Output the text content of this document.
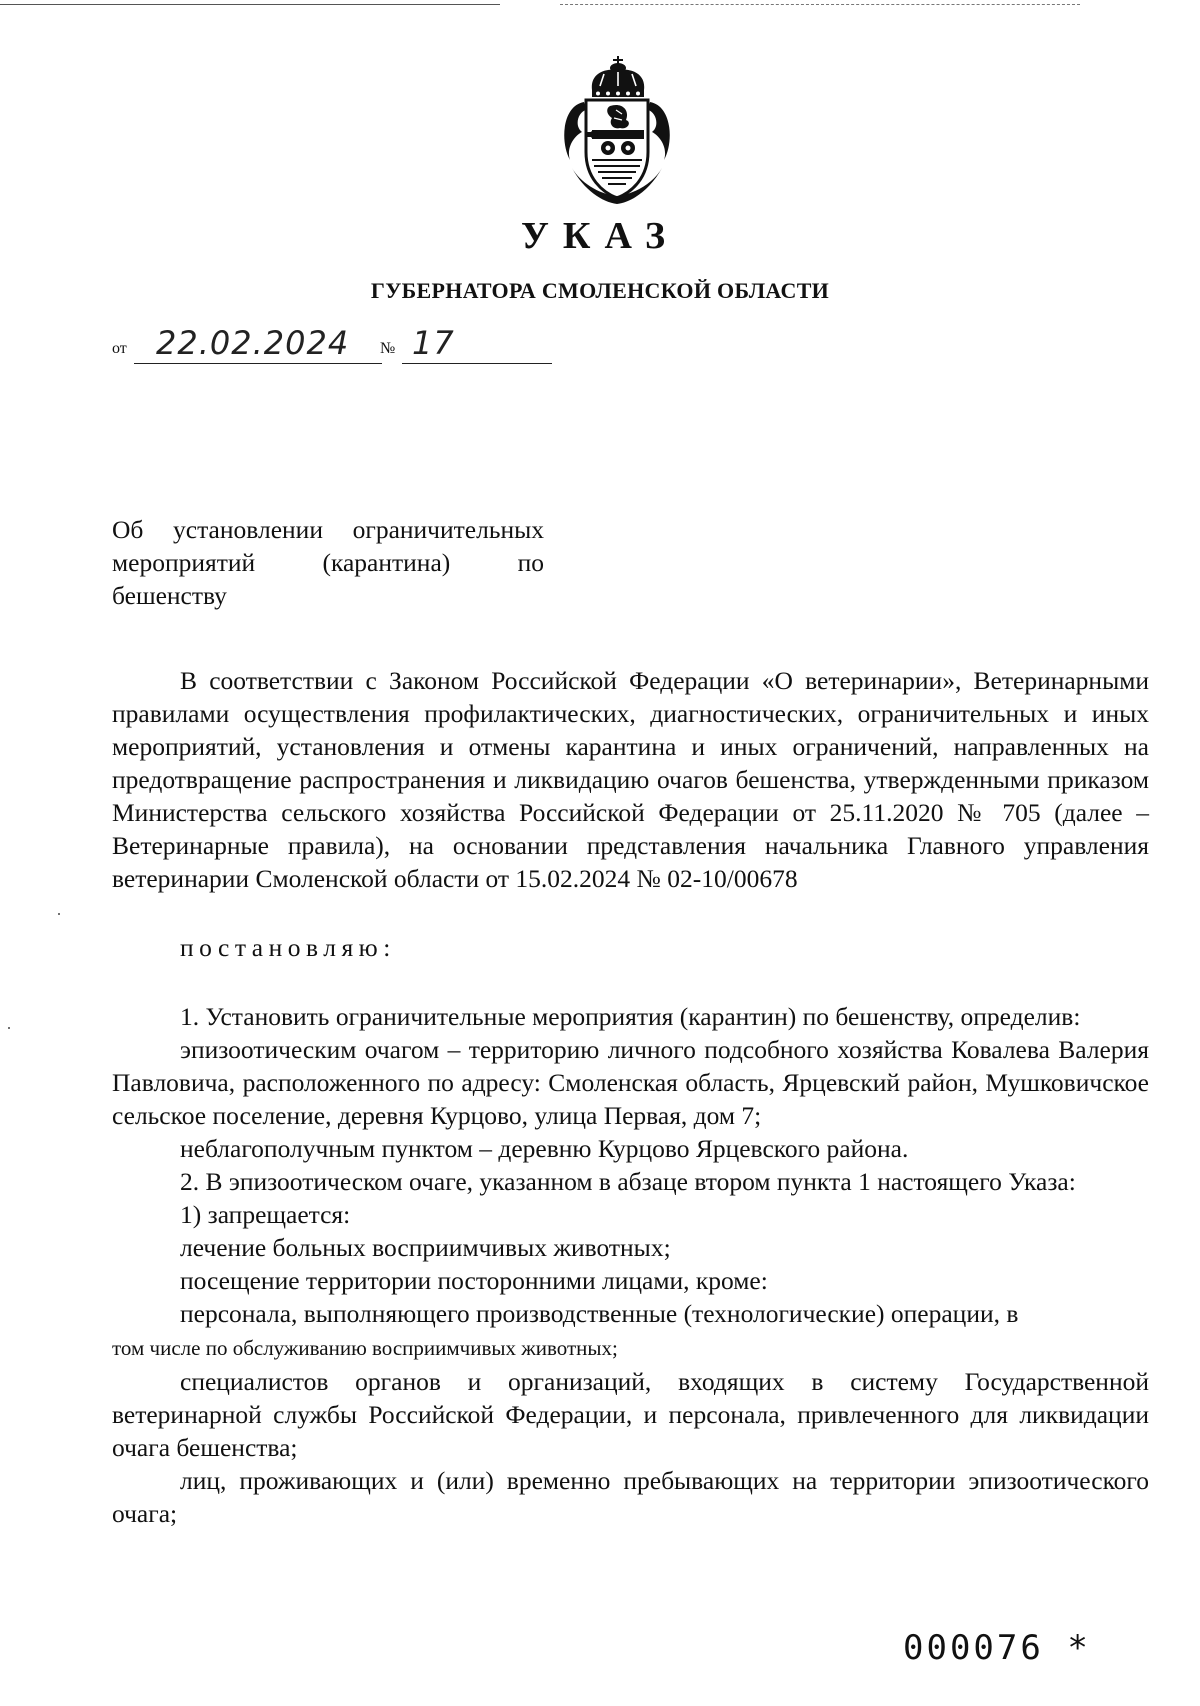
УКАЗ
ГУБЕРНАТОРА СМОЛЕНСКОЙ ОБЛАСТИ
от 22.02.2024 № 17
Об установлении ограничительных
мероприятий (карантина) по
бешенству

В соответствии с Законом Российской Федерации «О ветеринарии», Ветеринарными правилами осуществления профилактических, диагностических, ограничительных и иных мероприятий, установления и отмены карантина и иных ограничений, направленных на предотвращение распространения и ликвидацию очагов бешенства, утвержденными приказом Министерства сельского хозяйства Российской Федерации от 25.11.2020 № 705 (далее – Ветеринарные правила), на основании представления начальника Главного управления ветеринарии Смоленской области от 15.02.2024 № 02-10/00678

постановляю:

1. Установить ограничительные мероприятия (карантин) по бешенству, определив:

эпизоотическим очагом – территорию личного подсобного хозяйства Ковалева Валерия Павловича, расположенного по адресу: Смоленская область, Ярцевский район, Мушковичское сельское поселение, деревня Курцово, улица Первая, дом 7;

неблагополучным пунктом – деревню Курцово Ярцевского района.

2. В эпизоотическом очаге, указанном в абзаце втором пункта 1 настоящего Указа:

1) запрещается:

лечение больных восприимчивых животных;

посещение территории посторонними лицами, кроме:

персонала, выполняющего производственные (технологические) операции, в
том числе по обслуживанию восприимчивых животных;

специалистов органов и организаций, входящих в систему Государственной ветеринарной службы Российской Федерации, и персонала, привлеченного для ликвидации очага бешенства;

лиц, проживающих и (или) временно пребывающих на территории эпизоотического очага;

000076 *
